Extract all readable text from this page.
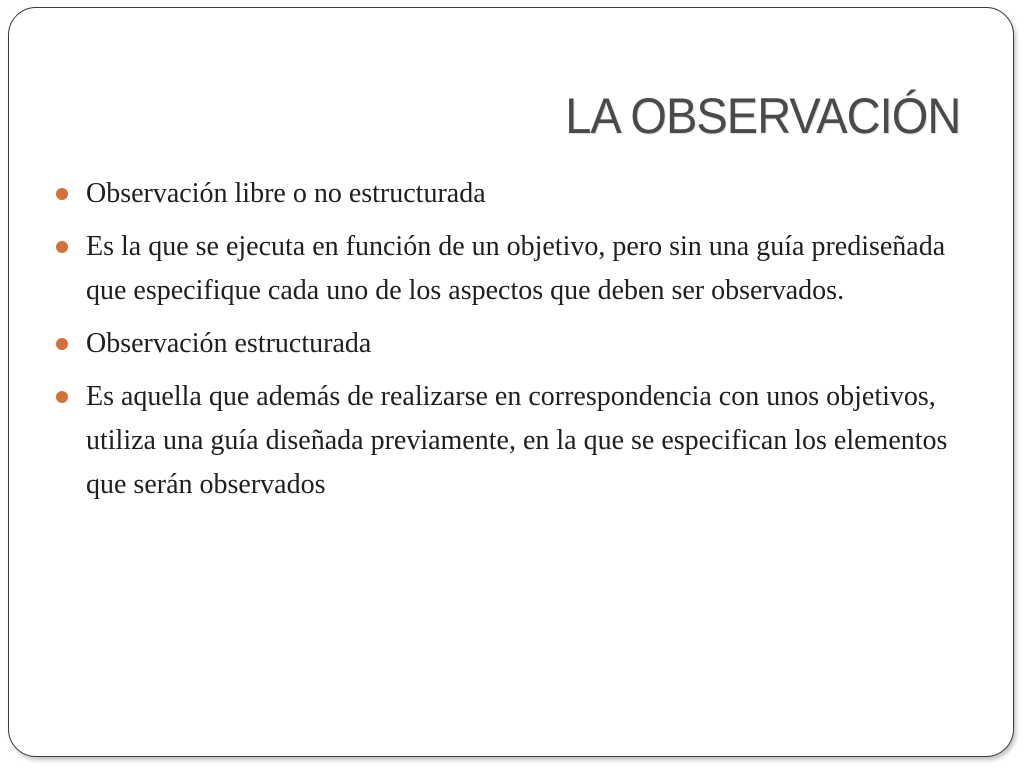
LA OBSERVACIÓN
Observación libre o no estructurada
Es la que se ejecuta en función de un objetivo, pero sin una guía prediseñada que especifique cada uno de los aspectos que deben ser observados.
Observación estructurada
Es aquella que además de realizarse en correspondencia con unos objetivos, utiliza una guía diseñada previamente, en la que se especifican los elementos que serán observados
